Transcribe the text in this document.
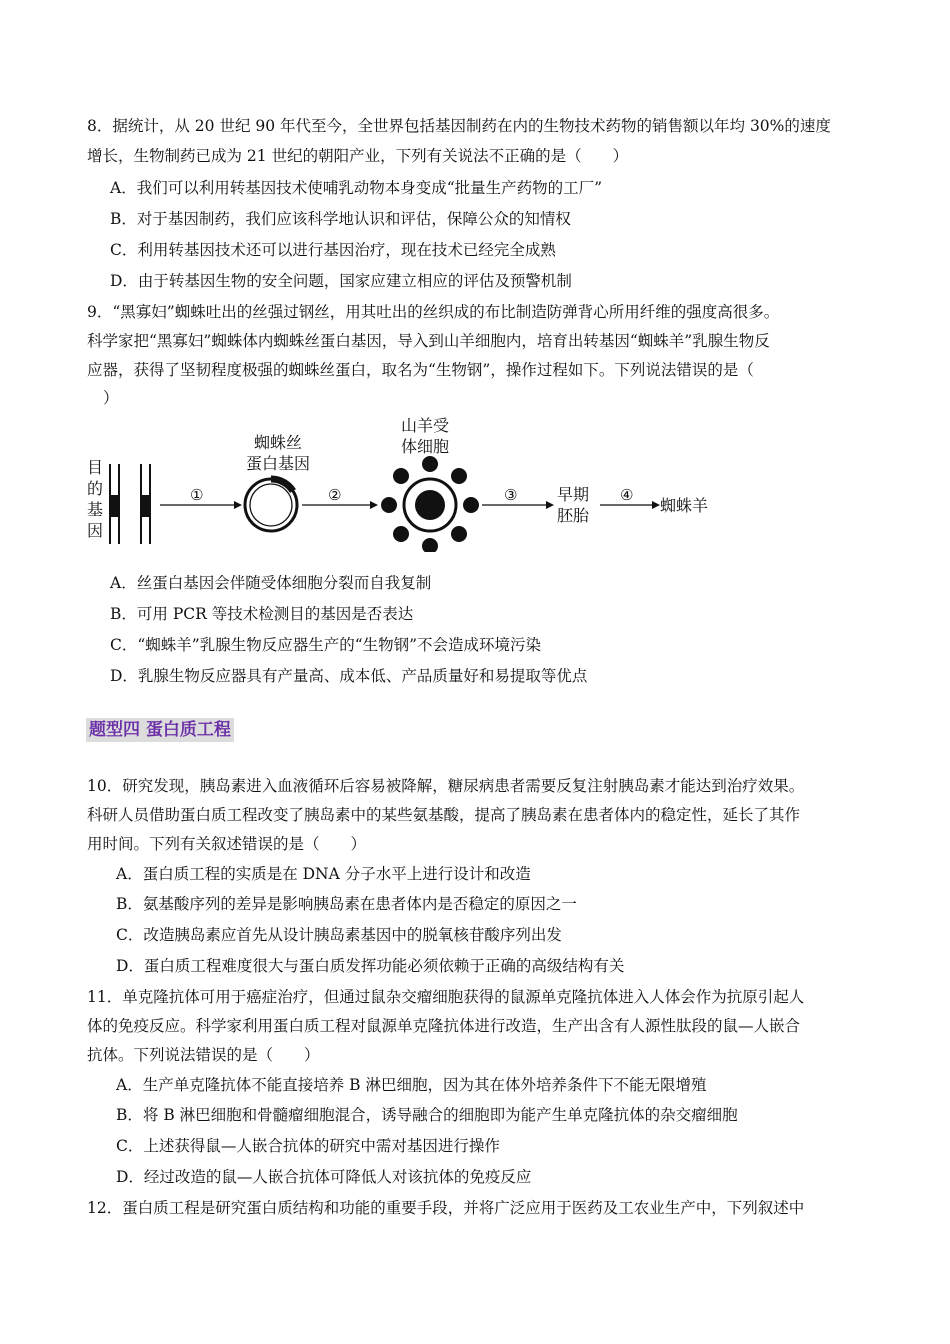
8．据统计，从 20 世纪 90 年代至今，全世界包括基因制药在内的生物技术药物的销售额以年均 30%的速度
增长，生物制药已成为 21 世纪的朝阳产业，下列有关说法不正确的是（　　）
A．我们可以利用转基因技术使哺乳动物本身变成“批量生产药物的工厂”
B．对于基因制药，我们应该科学地认识和评估，保障公众的知情权
C．利用转基因技术还可以进行基因治疗，现在技术已经完全成熟
D．由于转基因生物的安全问题，国家应建立相应的评估及预警机制
9．“黑寡妇”蜘蛛吐出的丝强过钢丝，用其吐出的丝织成的布比制造防弹背心所用纤维的强度高很多。
科学家把“黑寡妇”蜘蛛体内蜘蛛丝蛋白基因，导入到山羊细胞内，培育出转基因“蜘蛛羊”乳腺生物反
应器，获得了坚韧程度极强的蜘蛛丝蛋白，取名为“生物钢”，操作过程如下。下列说法错误的是（
）
目
的
基
因
①
蜘蛛丝
蛋白基因
②
山羊受
体细胞
③ 早期
胚胎
④
蜘蛛羊
A．丝蛋白基因会伴随受体细胞分裂而自我复制
B．可用 PCR 等技术检测目的基因是否表达
C．“蜘蛛羊”乳腺生物反应器生产的“生物钢”不会造成环境污染
D．乳腺生物反应器具有产量高、成本低、产品质量好和易提取等优点
题型四 蛋白质工程
10．研究发现，胰岛素进入血液循环后容易被降解，糖尿病患者需要反复注射胰岛素才能达到治疗效果。
科研人员借助蛋白质工程改变了胰岛素中的某些氨基酸，提高了胰岛素在患者体内的稳定性，延长了其作
用时间。下列有关叙述错误的是（　　）
A．蛋白质工程的实质是在 DNA 分子水平上进行设计和改造
B．氨基酸序列的差异是影响胰岛素在患者体内是否稳定的原因之一
C．改造胰岛素应首先从设计胰岛素基因中的脱氧核苷酸序列出发
D．蛋白质工程难度很大与蛋白质发挥功能必须依赖于正确的高级结构有关
11．单克隆抗体可用于癌症治疗，但通过鼠杂交瘤细胞获得的鼠源单克隆抗体进入人体会作为抗原引起人
体的免疫反应。科学家利用蛋白质工程对鼠源单克隆抗体进行改造，生产出含有人源性肽段的鼠—人嵌合
抗体。下列说法错误的是（　　）
A．生产单克隆抗体不能直接培养 B 淋巴细胞，因为其在体外培养条件下不能无限增殖
B．将 B 淋巴细胞和骨髓瘤细胞混合，诱导融合的细胞即为能产生单克隆抗体的杂交瘤细胞
C．上述获得鼠—人嵌合抗体的研究中需对基因进行操作
D．经过改造的鼠—人嵌合抗体可降低人对该抗体的免疫反应
12．蛋白质工程是研究蛋白质结构和功能的重要手段，并将广泛应用于医药及工农业生产中，下列叙述中
